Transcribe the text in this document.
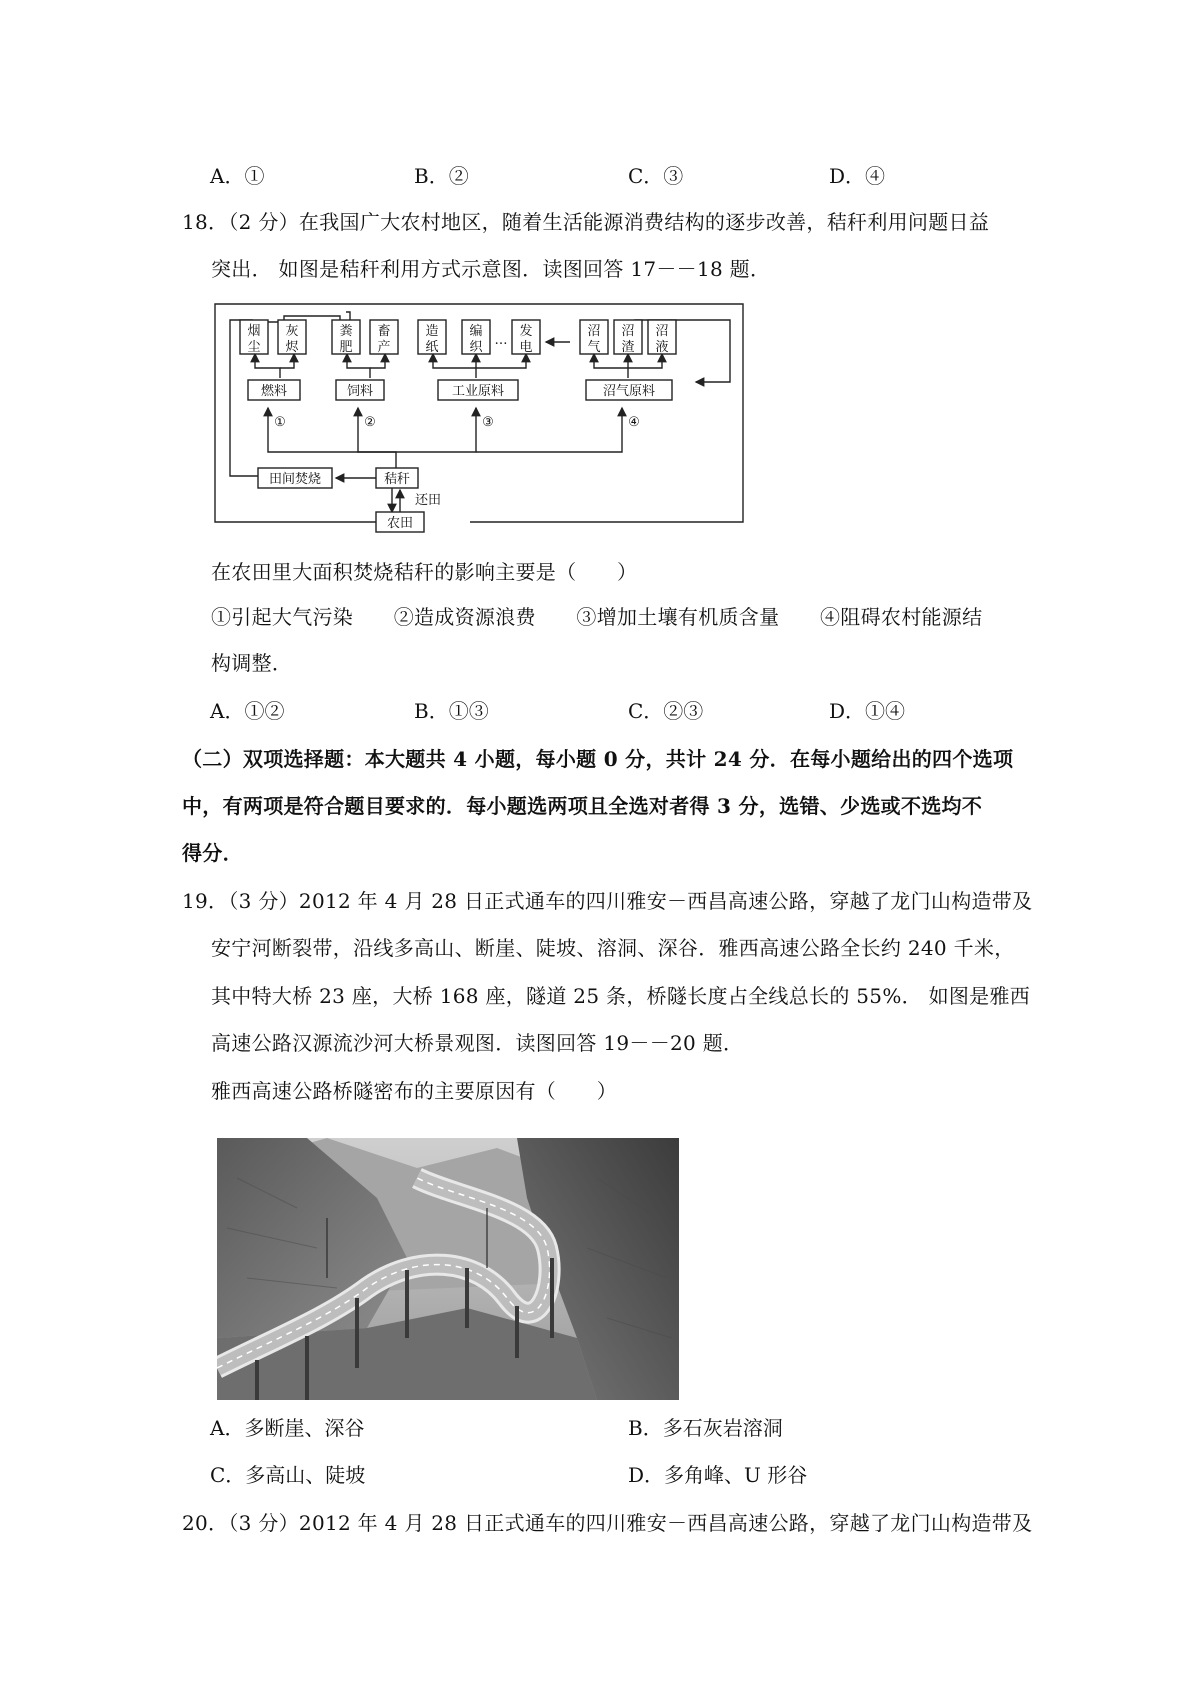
A．①	B．②	C．③	D．④
18．（2 分）在我国广大农村地区，随着生活能源消费结构的逐步改善，秸秆利用问题日益
突出． 如图是秸秆利用方式示意图．读图回答 17－－18 题．
烟
尘
灰
烬
粪
肥
畜
产
造
纸
编
织 …
发
电
沼
气
沼
渣
沼
液
燃料	饲料	工业原料	沼气原料
田间焚烧	秸秆
农田
还田
①	②	③	④
在农田里大面积焚烧秸秆的影响主要是（　　）
①引起大气污染　　②造成资源浪费　　③增加土壤有机质含量　　④阻碍农村能源结
构调整．
A．①②	B．①③	C．②③	D．①④
（二）双项选择题：本大题共 4 小题，每小题 0 分，共计 24 分．在每小题给出的四个选项
中，有两项是符合题目要求的．每小题选两项且全选对者得 3 分，选错、少选或不选均不
得分．
19．（3 分）2012 年 4 月 28 日正式通车的四川雅安－西昌高速公路，穿越了龙门山构造带及
安宁河断裂带，沿线多高山、断崖、陡坡、溶洞、深谷．雅西高速公路全长约 240 千米，
其中特大桥 23 座，大桥 168 座，隧道 25 条，桥隧长度占全线总长的 55%． 如图是雅西
高速公路汉源流沙河大桥景观图．读图回答 19－－20 题．
雅西高速公路桥隧密布的主要原因有（　　）
A．多断崖、深谷	B．多石灰岩溶洞
C．多高山、陡坡	D．多角峰、U 形谷
20．（3 分）2012 年 4 月 28 日正式通车的四川雅安－西昌高速公路，穿越了龙门山构造带及
